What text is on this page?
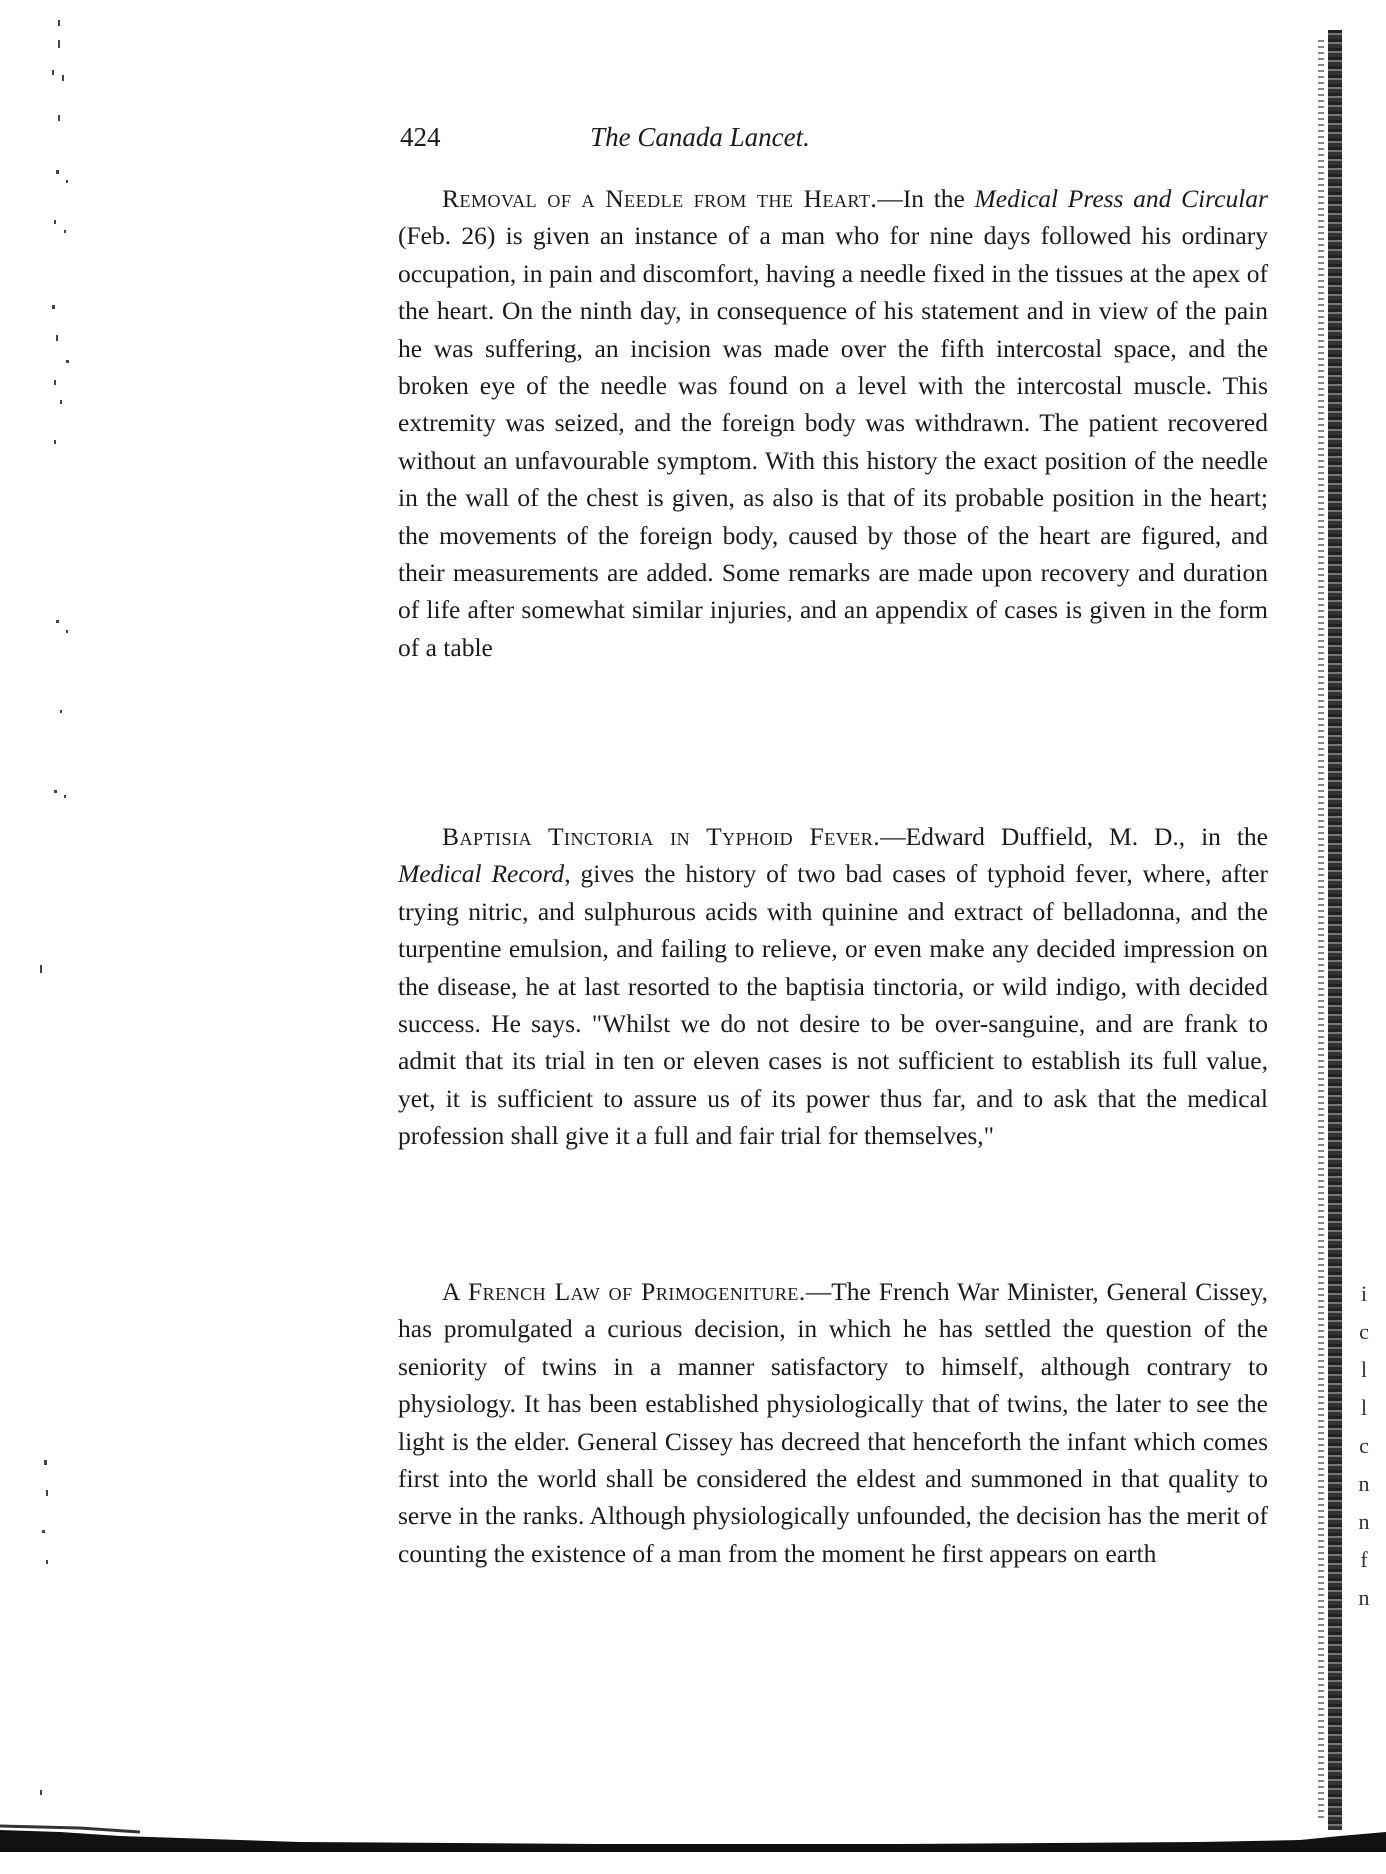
i
c
l
l
c
n
n
f
n
424	The Canada Lancet.

Removal of a Needle from the Heart.—In the Medical Press and Circular (Feb. 26) is given an instance of a man who for nine days followed his ordinary occupation, in pain and discomfort, having a needle fixed in the tissues at the apex of the heart. On the ninth day, in consequence of his statement and in view of the pain he was suffering, an incision was made over the fifth intercostal space, and the broken eye of the needle was found on a level with the intercostal muscle. This extremity was seized, and the foreign body was withdrawn. The patient recovered without an unfavourable symptom. With this history the exact position of the needle in the wall of the chest is given, as also is that of its probable position in the heart; the movements of the foreign body, caused by those of the heart are figured, and their measurements are added. Some remarks are made upon recovery and duration of life after somewhat similar injuries, and an appendix of cases is given in the form of a table

Baptisia Tinctoria in Typhoid Fever.—Edward Duffield, M. D., in the Medical Record, gives the history of two bad cases of typhoid fever, where, after trying nitric, and sulphurous acids with quinine and extract of belladonna, and the turpentine emulsion, and failing to relieve, or even make any decided impression on the disease, he at last resorted to the baptisia tinctoria, or wild indigo, with decided success. He says. "Whilst we do not desire to be over-sanguine, and are frank to admit that its trial in ten or eleven cases is not sufficient to establish its full value, yet, it is sufficient to assure us of its power thus far, and to ask that the medical profession shall give it a full and fair trial for themselves,"

A French Law of Primogeniture.—The French War Minister, General Cissey, has promulgated a curious decision, in which he has settled the question of the seniority of twins in a manner satisfactory to himself, although contrary to physiology. It has been established physiologically that of twins, the later to see the light is the elder. General Cissey has decreed that henceforth the infant which comes first into the world shall be considered the eldest and summoned in that quality to serve in the ranks. Although physiologically unfounded, the decision has the merit of counting the existence of a man from the moment he first appears on earth
